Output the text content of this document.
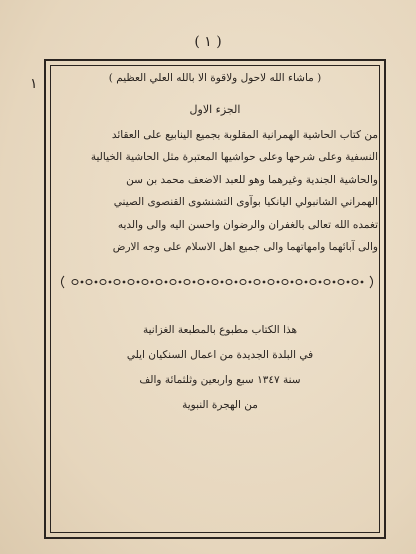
( ١ )
١	( ماشاء الله لاحول ولاقوة الا بالله العلي العظيم )
الجزء الاول

من كتاب الحاشية الهمرانية المقلوبة بجميع الينابيع على العقائد

النسفية وعلى شرحها وعلى حواشيها المعتبرة مثل الحاشية الخيالية

والحاشية الجندية وغيرهما وهو للعبد الاضعف محمد بن سن

الهمراني الشانبولي اليانكيا بوآوى التشنشوى القنصوى الصيني

تغمده الله تعالى بالغفران والرضوان واحسن اليه والى والديه

والى آبائهما وامهاتهما والى جميع اهل الاسلام على وجه الارض

هذا الكتاب مطبوع بالمطبعة الغزانية

في البلدة الجديدة من اعمال السنكيان ايلي

سنة ١٣٤٧ سبع واربعين وثلثمائة والف

من الهجرة النبوية
